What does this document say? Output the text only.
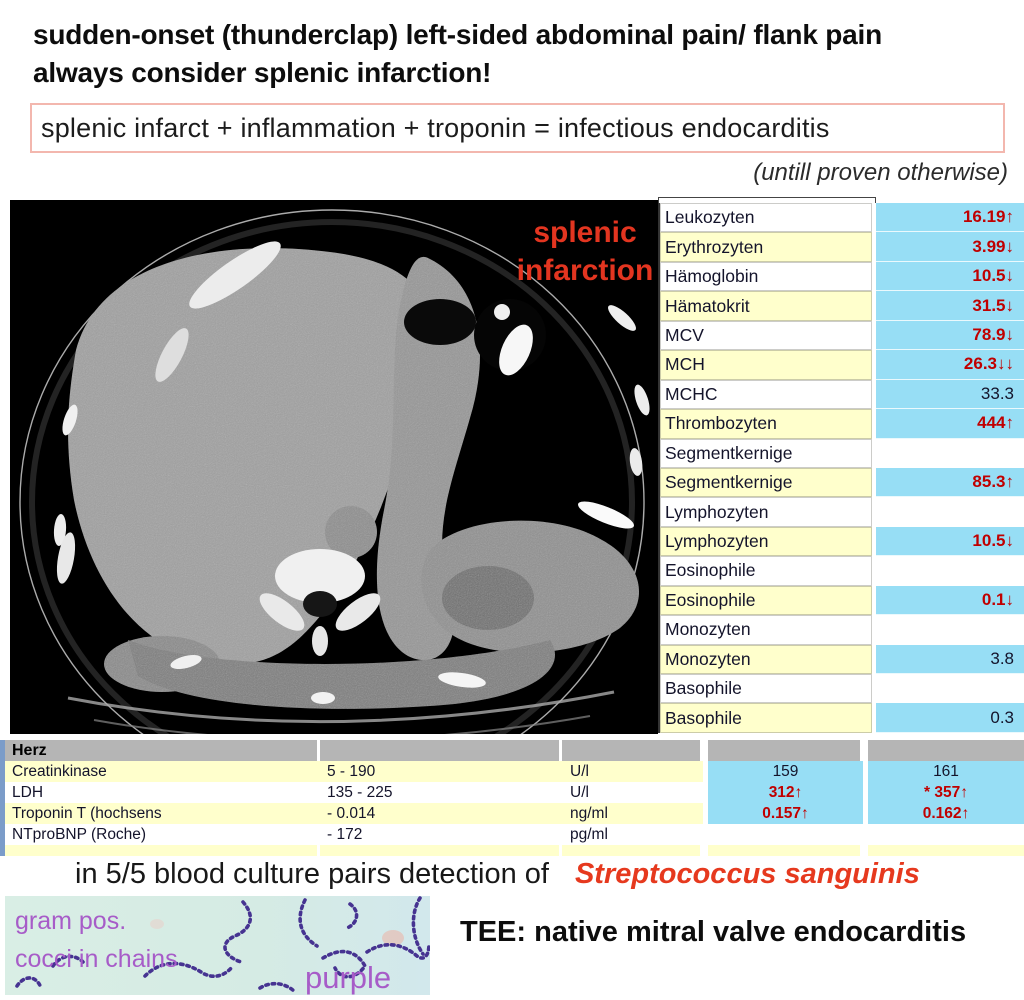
sudden-onset (thunderclap) left-sided abdominal pain/ flank pain
always consider splenic infarction!
splenic infarct + inflammation + troponin = infectious endocarditis
(untill proven otherwise)
splenic
infarction
Leukozyten	16.19↑
Erythrozyten	3.99↓
Hämoglobin	10.5↓
Hämatokrit	31.5↓
MCV	78.9↓
MCH	26.3↓↓
MCHC	33.3
Thrombozyten	444↑
Segmentkernige
Segmentkernige	85.3↑
Lymphozyten
Lymphozyten	10.5↓
Eosinophile
Eosinophile	0.1↓
Monozyten
Monozyten	3.8
Basophile
Basophile	0.3
Herz
Creatinkinase	5 - 190	U/l	159	161
LDH	135 - 225	U/l	312↑	* 357↑
Troponin T (hochsens	- 0.014	ng/ml	0.157↑	0.162↑
NTproBNP (Roche)	- 172	pg/ml
in 5/5 blood culture pairs detection of Streptococcus sanguinis
gram pos.
cocci in chains
purple
TEE: native mitral valve endocarditis
